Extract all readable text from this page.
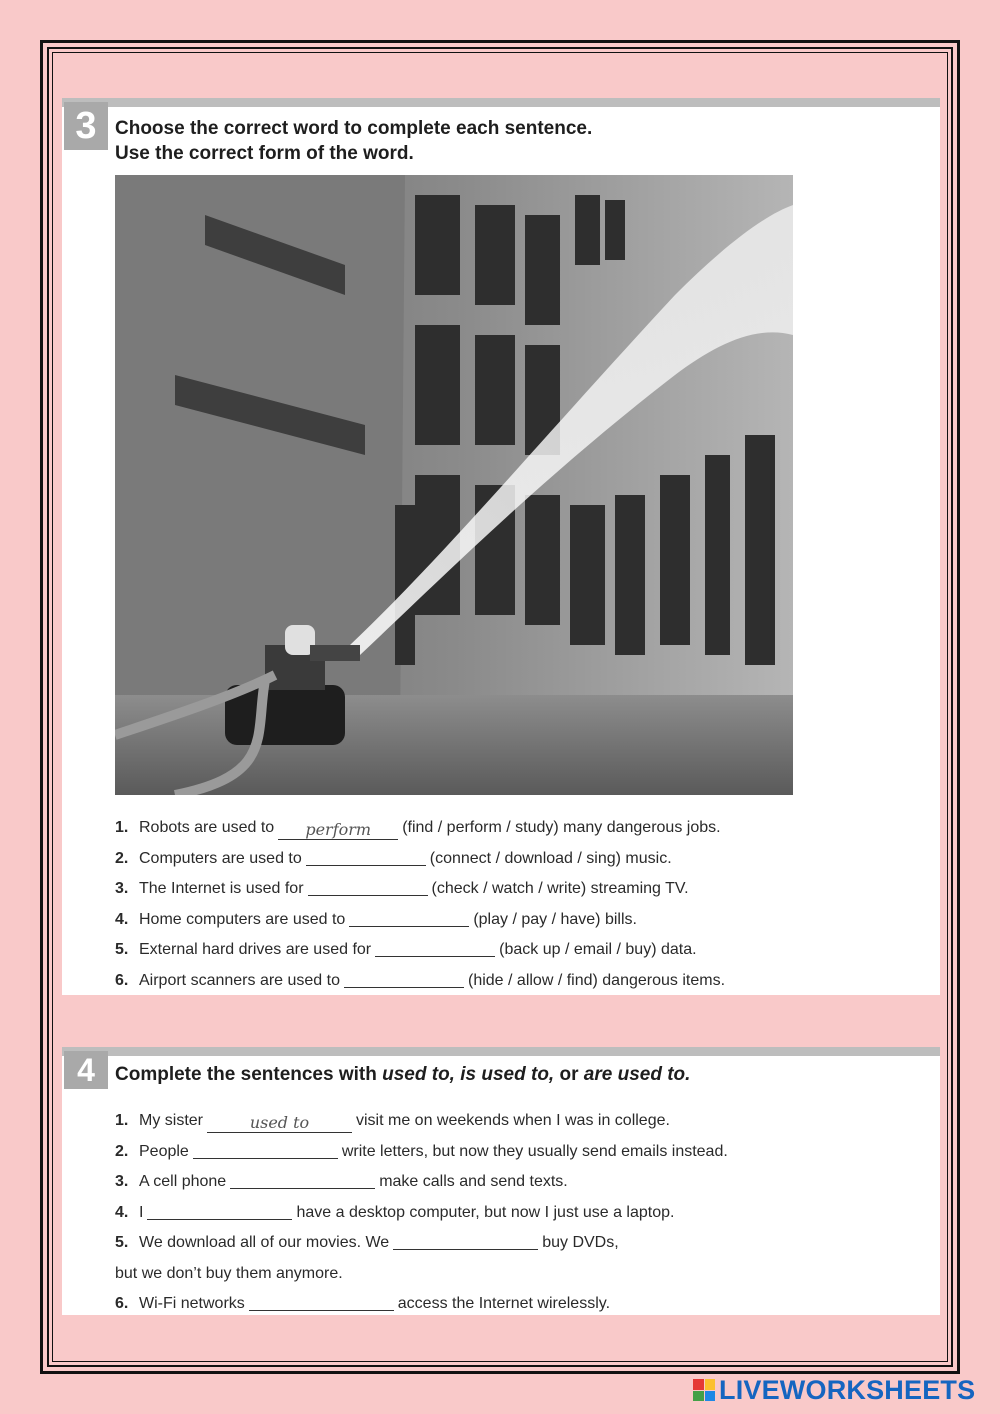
3 Choose the correct word to complete each sentence.
Use the correct form of the word.
1. Robots are used to perform (find / perform / study) many dangerous jobs.
2. Computers are used to	(connect / download / sing) music.
3. The Internet is used for	(check / watch / write) streaming TV.
4. Home computers are used to	(play / pay / have) bills.
5. External hard drives are used for	(back up / email / buy) data.
6. Airport scanners are used to	(hide / allow / find) dangerous items.
4	Complete the sentences with used to, is used to, or are used to.
1. My sister	used to	visit me on weekends when I was in college.
2. People	write letters, but now they usually send emails instead.
3. A cell phone	make calls and send texts.
4. I	have a desktop computer, but now I just use a laptop.
5. We download all of our movies. We	buy DVDs,
but we don’t buy them anymore.
6. Wi-Fi networks	access the Internet wirelessly.
LIVEWORKSHEETS
